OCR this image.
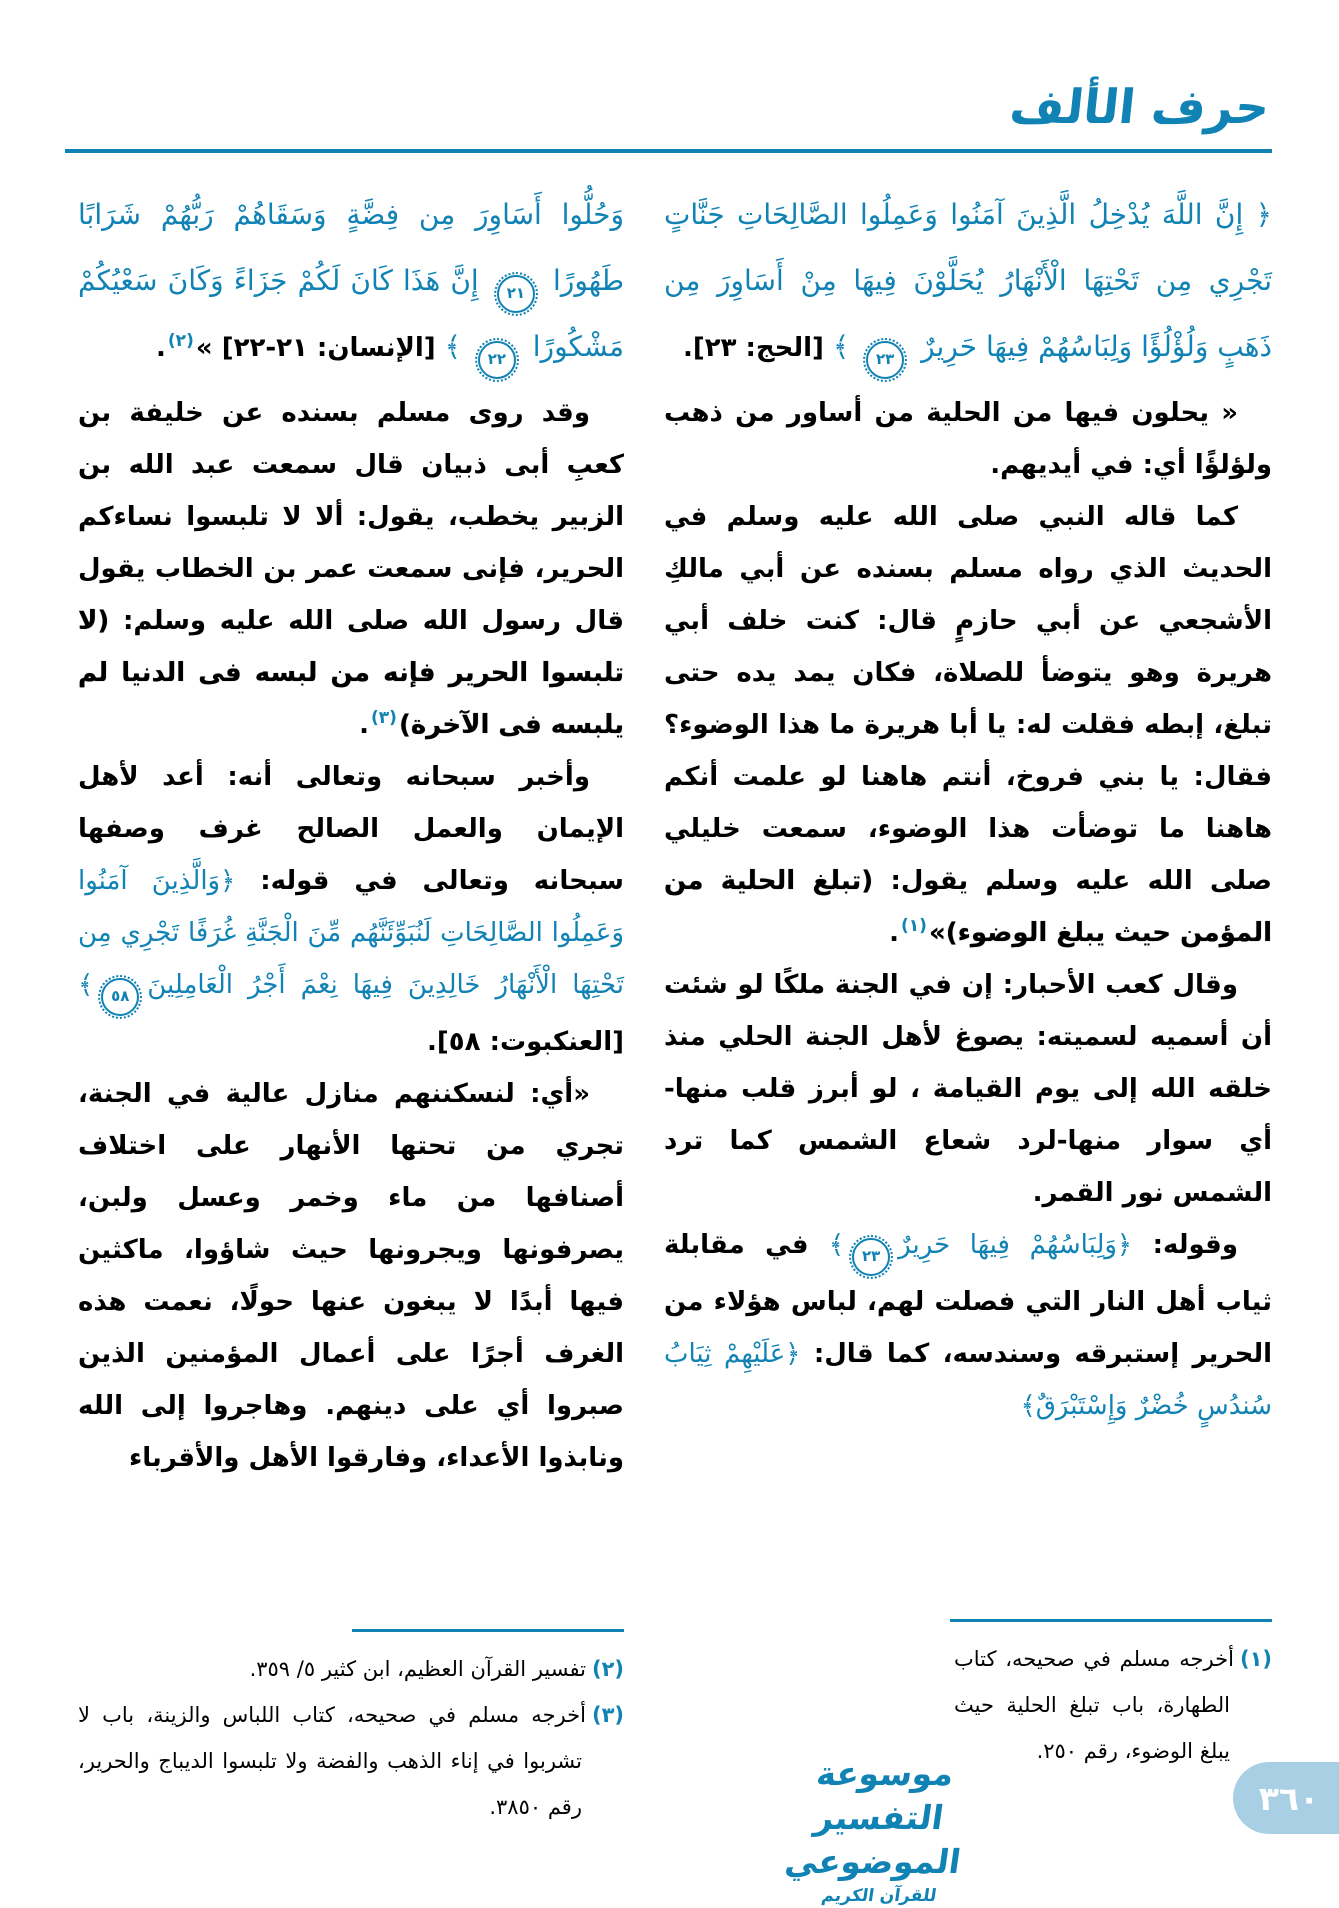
حرف الألف

﴿ إِنَّ اللَّهَ يُدْخِلُ الَّذِينَ آمَنُوا وَعَمِلُوا الصَّالِحَاتِ جَنَّاتٍ تَجْرِي مِن تَحْتِهَا الْأَنْهَارُ يُحَلَّوْنَ فِيهَا مِنْ أَسَاوِرَ مِن ذَهَبٍ وَلُؤْلُؤًا وَلِبَاسُهُمْ فِيهَا حَرِيرٌ
٢٣
﴾ [الحج: ٢٣].

« يحلون فيها من الحلية من أساور من ذهب ولؤلؤًا أي: في أيديهم.

كما قاله النبي صلى الله عليه وسلم في الحديث الذي رواه مسلم بسنده عن أبي مالكِ الأشجعي عن أبي حازمٍ قال: كنت خلف أبي هريرة وهو يتوضأ للصلاة، فكان يمد يده حتى تبلغ، إبطه فقلت له: يا أبا هريرة ما هذا الوضوء؟ فقال: يا بني فروخ، أنتم هاهنا لو علمت أنكم هاهنا ما توضأت هذا الوضوء، سمعت خليلي صلى الله عليه وسلم يقول: (تبلغ الحلية من المؤمن حيث يبلغ الوضوء)»$^{(١)}$.

وقال كعب الأحبار: إن في الجنة ملكًا لو شئت أن أسميه لسميته: يصوغ لأهل الجنة الحلي منذ خلقه الله إلى يوم القيامة ، لو أبرز قلب منها-أي سوار منها-لرد شعاع الشمس كما ترد الشمس نور القمر.

وقوله: ﴿وَلِبَاسُهُمْ فِيهَا حَرِيرٌ
٢٣
﴾ في مقابلة ثياب أهل النار التي فصلت لهم، لباس هؤلاء من الحرير إستبرقه وسندسه، كما قال: ﴿عَلَيْهِمْ ثِيَابُ سُندُسٍ خُضْرٌ وَإِسْتَبْرَقٌ﴾

(١)أخرجه مسلم في صحيحه، كتاب الطهارة، باب تبلغ الحلية حيث يبلغ الوضوء، رقم ٢٥٠.

وَحُلُّوا أَسَاوِرَ مِن فِضَّةٍ وَسَقَاهُمْ رَبُّهُمْ شَرَابًا طَهُورًا
٢١
إِنَّ هَذَا كَانَ لَكُمْ جَزَاءً وَكَانَ سَعْيُكُمْ مَشْكُورًا
٢٢
﴾ [الإنسان: ٢١-٢٢] »$^{(٢)}$.

وقد روى مسلم بسنده عن خليفة بن كعبِ أبى ذبيان قال سمعت عبد الله بن الزبير يخطب، يقول: ألا لا تلبسوا نساءكم الحرير، فإنى سمعت عمر بن الخطاب يقول قال رسول الله صلى الله عليه وسلم: (لا تلبسوا الحرير فإنه من لبسه فى الدنيا لم يلبسه فى الآخرة)$^{(٣)}$.

وأخبر سبحانه وتعالى أنه: أعد لأهل الإيمان والعمل الصالح غرف وصفها سبحانه وتعالى في قوله: ﴿وَالَّذِينَ آمَنُوا وَعَمِلُوا الصَّالِحَاتِ لَنُبَوِّئَنَّهُم مِّنَ الْجَنَّةِ غُرَفًا تَجْرِي مِن تَحْتِهَا الْأَنْهَارُ خَالِدِينَ فِيهَا نِعْمَ أَجْرُ الْعَامِلِينَ
٥٨
﴾ [العنكبوت: ٥٨].

«أي: لنسكننهم منازل عالية في الجنة، تجري من تحتها الأنهار على اختلاف أصنافها من ماء وخمر وعسل ولبن، يصرفونها ويجرونها حيث شاؤوا، ماكثين فيها أبدًا لا يبغون عنها حولًا، نعمت هذه الغرف أجرًا على أعمال المؤمنين الذين صبروا أي على دينهم. وهاجروا إلى الله ونابذوا الأعداء، وفارقوا الأهل والأقرباء

(٢)تفسير القرآن العظيم، ابن كثير ٥/ ٣٥٩.
(٣)أخرجه مسلم في صحيحه، كتاب اللباس والزينة، باب لا تشربوا في إناء الذهب والفضة ولا تلبسوا الديباج والحرير، رقم ٣٨٥٠.
موسوعة التفسير الموضوعي
للقرآن الكريم
٣٦٠
